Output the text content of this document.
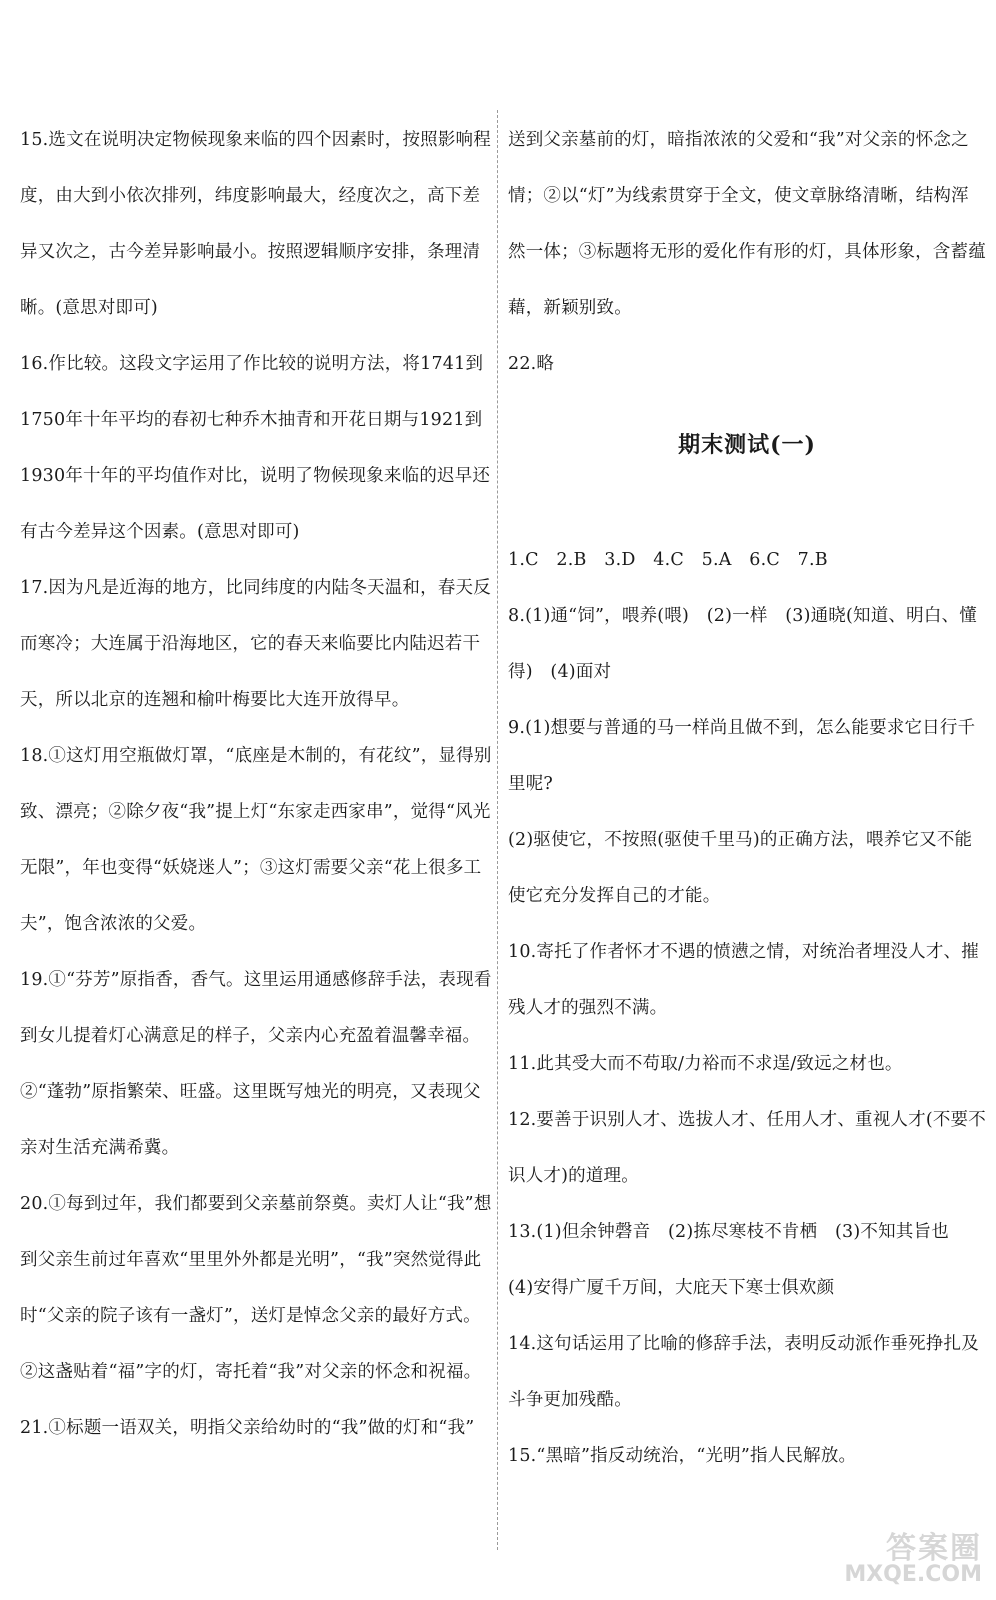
15.选文在说明决定物候现象来临的四个因素时，按照影响程度，由大到小依次排列，纬度影响最大，经度次之，高下差异又次之，古今差异影响最小。按照逻辑顺序安排，条理清晰。(意思对即可)

16.作比较。这段文字运用了作比较的说明方法，将1741到1750年十年平均的春初七种乔木抽青和开花日期与1921到1930年十年的平均值作对比，说明了物候现象来临的迟早还有古今差异这个因素。(意思对即可)

17.因为凡是近海的地方，比同纬度的内陆冬天温和，春天反而寒冷；大连属于沿海地区，它的春天来临要比内陆迟若干天，所以北京的连翘和榆叶梅要比大连开放得早。

18.①这灯用空瓶做灯罩，“底座是木制的，有花纹”，显得别致、漂亮；②除夕夜“我”提上灯“东家走西家串”，觉得“风光无限”，年也变得“妖娆迷人”；③这灯需要父亲“花上很多工夫”，饱含浓浓的父爱。

19.①“芬芳”原指香，香气。这里运用通感修辞手法，表现看到女儿提着灯心满意足的样子，父亲内心充盈着温馨幸福。②“蓬勃”原指繁荣、旺盛。这里既写烛光的明亮，又表现父亲对生活充满希冀。

20.①每到过年，我们都要到父亲墓前祭奠。卖灯人让“我”想到父亲生前过年喜欢“里里外外都是光明”，“我”突然觉得此时“父亲的院子该有一盏灯”，送灯是悼念父亲的最好方式。②这盏贴着“福”字的灯，寄托着“我”对父亲的怀念和祝福。

21.①标题一语双关，明指父亲给幼时的“我”做的灯和“我”

送到父亲墓前的灯，暗指浓浓的父爱和“我”对父亲的怀念之情；②以“灯”为线索贯穿于全文，使文章脉络清晰，结构浑然一体；③标题将无形的爱化作有形的灯，具体形象，含蓄蕴藉，新颖别致。

22.略

期末测试(一)

1.C　2.B　3.D　4.C　5.A　6.C　7.B

8.(1)通“饲”，喂养(喂)　(2)一样　(3)通晓(知道、明白、懂得)　(4)面对

9.(1)想要与普通的马一样尚且做不到，怎么能要求它日行千里呢?

(2)驱使它，不按照(驱使千里马)的正确方法，喂养它又不能使它充分发挥自己的才能。

10.寄托了作者怀才不遇的愤懑之情，对统治者埋没人才、摧残人才的强烈不满。

11.此其受大而不苟取/力裕而不求逞/致远之材也。

12.要善于识别人才、选拔人才、任用人才、重视人才(不要不识人才)的道理。

13.(1)但余钟磬音　(2)拣尽寒枝不肯栖　(3)不知其旨也　(4)安得广厦千万间，大庇天下寒士俱欢颜

14.这句话运用了比喻的修辞手法，表明反动派作垂死挣扎及斗争更加残酷。

15.“黑暗”指反动统治，“光明”指人民解放。

答案圈
MXQE.COM
